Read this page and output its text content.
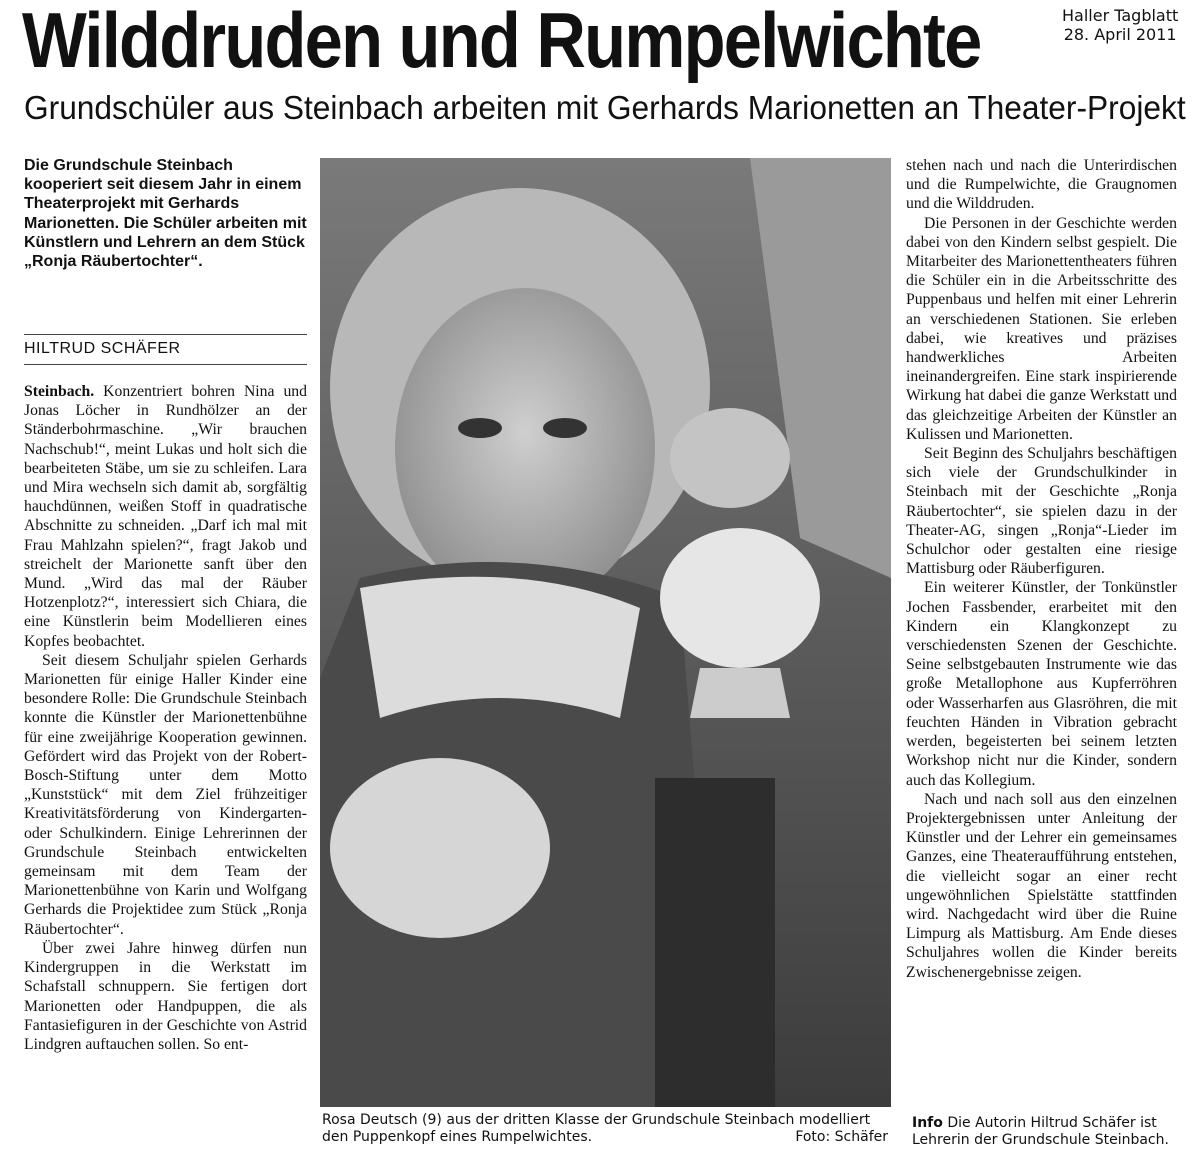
Wilddruden und Rumpelwichte	Haller Tagblatt
28. April 2011
Grundschüler aus Steinbach arbeiten mit Gerhards Marionetten an Theater-Projekt
Die Grundschule Steinbach kooperiert seit diesem Jahr in einem Theaterprojekt mit Gerhards Marionetten. Die Schüler arbeiten mit Künstlern und Lehrern an dem Stück „Ronja Räubertochter“.
HILTRUD SCHÄFER

Steinbach. Konzentriert bohren Nina und Jonas Löcher in Rundhölzer an der Ständerbohrmaschine. „Wir brauchen Nachschub!“, meint Lukas und holt sich die bearbeiteten Stäbe, um sie zu schleifen. Lara und Mira wechseln sich damit ab, sorgfältig hauchdünnen, weißen Stoff in quadratische Abschnitte zu schneiden. „Darf ich mal mit Frau Mahlzahn spielen?“, fragt Jakob und streichelt der Marionette sanft über den Mund. „Wird das mal der Räuber Hotzenplotz?“, interessiert sich Chiara, die eine Künstlerin beim Modellieren eines Kopfes beobachtet.

Seit diesem Schuljahr spielen Gerhards Marionetten für einige Haller Kinder eine besondere Rolle: Die Grundschule Steinbach konnte die Künstler der Marionettenbühne für eine zweijährige Kooperation gewinnen. Gefördert wird das Projekt von der Robert-Bosch-Stiftung unter dem Motto „Kunststück“ mit dem Ziel frühzeitiger Kreativitätsförderung von Kindergarten- oder Schulkindern. Einige Lehrerinnen der Grundschule Steinbach entwickelten gemeinsam mit dem Team der Marionettenbühne von Karin und Wolfgang Gerhards die Projektidee zum Stück „Ronja Räubertochter“.

Über zwei Jahre hinweg dürfen nun Kindergruppen in die Werkstatt im Schafstall schnuppern. Sie fertigen dort Marionetten oder Handpuppen, die als Fantasiefiguren in der Geschichte von Astrid Lindgren auftauchen sollen. So ent-

Rosa Deutsch (9) aus der dritten Klasse der Grundschule Steinbach modelliert den Puppenkopf eines Rumpelwichtes.	Foto: Schäfer

stehen nach und nach die Unterirdischen und die Rumpelwichte, die Graugnomen und die Wilddruden.

Die Personen in der Geschichte werden dabei von den Kindern selbst gespielt. Die Mitarbeiter des Marionettentheaters führen die Schüler ein in die Arbeitsschritte des Puppenbaus und helfen mit einer Lehrerin an verschiedenen Stationen. Sie erleben dabei, wie kreatives und präzises handwerkliches Arbeiten ineinandergreifen. Eine stark inspirierende Wirkung hat dabei die ganze Werkstatt und das gleichzeitige Arbeiten der Künstler an Kulissen und Marionetten.

Seit Beginn des Schuljahrs beschäftigen sich viele der Grundschulkinder in Steinbach mit der Geschichte „Ronja Räubertochter“, sie spielen dazu in der Theater-AG, singen „Ronja“-Lieder im Schulchor oder gestalten eine riesige Mattisburg oder Räuberfiguren.

Ein weiterer Künstler, der Tonkünstler Jochen Fassbender, erarbeitet mit den Kindern ein Klangkonzept zu verschiedensten Szenen der Geschichte. Seine selbstgebauten Instrumente wie das große Metallophone aus Kupferröhren oder Wasserharfen aus Glasröhren, die mit feuchten Händen in Vibration gebracht werden, begeisterten bei seinem letzten Workshop nicht nur die Kinder, sondern auch das Kollegium.

Nach und nach soll aus den einzelnen Projektergebnissen unter Anleitung der Künstler und der Lehrer ein gemeinsames Ganzes, eine Theateraufführung entstehen, die vielleicht sogar an einer recht ungewöhnlichen Spielstätte stattfinden wird. Nachgedacht wird über die Ruine Limpurg als Mattisburg. Am Ende dieses Schuljahres wollen die Kinder bereits Zwischenergebnisse zeigen.

Info Die Autorin Hiltrud Schäfer ist Lehrerin der Grundschule Steinbach.
